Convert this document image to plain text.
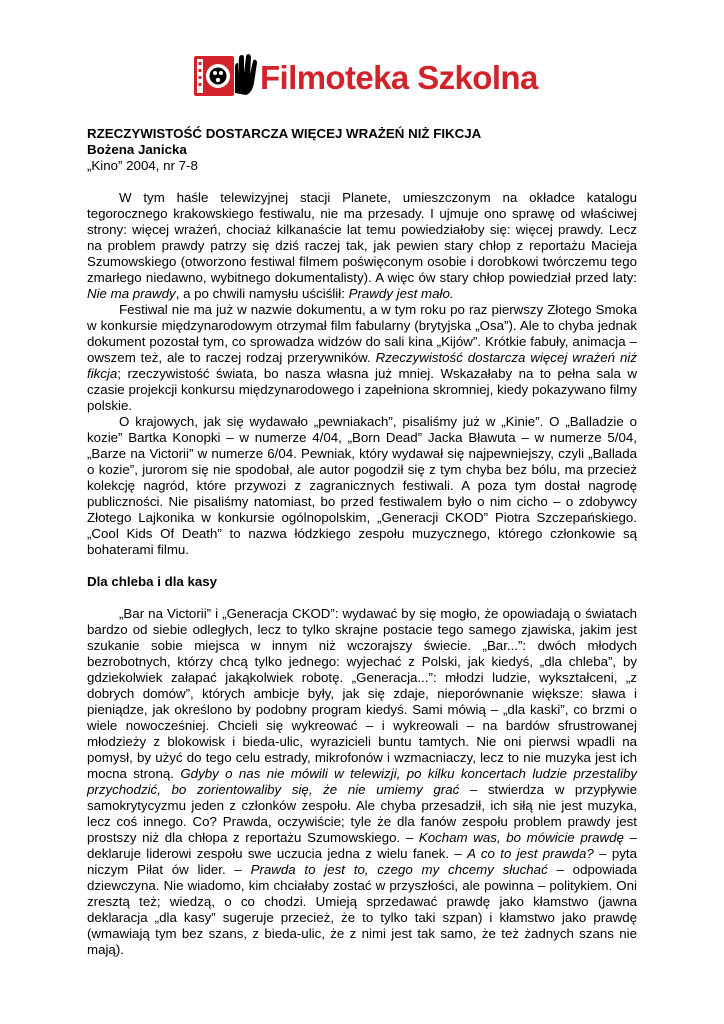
Filmoteka Szkolna
RZECZYWISTOŚĆ DOSTARCZA WIĘCEJ WRAŻEŃ NIŻ FIKCJA
Bożena Janicka
„Kino” 2004, nr 7-8

W tym haśle telewizyjnej stacji Planete, umieszczonym na okładce katalogu tegorocznego krakowskiego festiwalu, nie ma przesady. I ujmuje ono sprawę od właściwej strony: więcej wrażeń, chociaż kilkanaście lat temu powiedziałoby się: więcej prawdy. Lecz na problem prawdy patrzy się dziś raczej tak, jak pewien stary chłop z reportażu Macieja Szumowskiego (otworzono festiwal filmem poświęconym osobie i dorobkowi twórczemu tego zmarłego niedawno, wybitnego dokumentalisty). A więc ów stary chłop powiedział przed laty: Nie ma prawdy, a po chwili namysłu uściślił: Prawdy jest mało.

Festiwal nie ma już w nazwie dokumentu, a w tym roku po raz pierwszy Złotego Smoka w konkursie międzynarodowym otrzymał film fabularny (brytyjska „Osa”). Ale to chyba jednak dokument pozostał tym, co sprowadza widzów do sali kina „Kijów”. Krótkie fabuły, animacja – owszem też, ale to raczej rodzaj przerywników. Rzeczywistość dostarcza więcej wrażeń niż fikcja; rzeczywistość świata, bo nasza własna już mniej. Wskazałaby na to pełna sala w czasie projekcji konkursu międzynarodowego i zapełniona skromniej, kiedy pokazywano filmy polskie.

O krajowych, jak się wydawało „pewniakach”, pisaliśmy już w „Kinie”. O „Balladzie o kozie” Bartka Konopki – w numerze 4/04, „Born Dead” Jacka Bławuta – w numerze 5/04, „Barze na Victorii” w numerze 6/04. Pewniak, który wydawał się najpewniejszy, czyli „Ballada o kozie”, jurorom się nie spodobał, ale autor pogodził się z tym chyba bez bólu, ma przecież kolekcję nagród, które przywozi z zagranicznych festiwali. A poza tym dostał nagrodę publiczności. Nie pisaliśmy natomiast, bo przed festiwalem było o nim cicho – o zdobywcy Złotego Lajkonika w konkursie ogólnopolskim, „Generacji CKOD” Piotra Szczepańskiego. „Cool Kids Of Death” to nazwa łódzkiego zespołu muzycznego, którego członkowie są bohaterami filmu.

Dla chleba i dla kasy

„Bar na Victorii” i „Generacja CKOD”: wydawać by się mogło, że opowiadają o światach bardzo od siebie odległych, lecz to tylko skrajne postacie tego samego zjawiska, jakim jest szukanie sobie miejsca w innym niż wczorajszy świecie. „Bar...”: dwóch młodych bezrobotnych, którzy chcą tylko jednego: wyjechać z Polski, jak kiedyś, „dla chleba”, by gdziekolwiek załapać jakąkolwiek robotę. „Generacja...”: młodzi ludzie, wykształceni, „z dobrych domów”, których ambicje były, jak się zdaje, nieporównanie większe: sława i pieniądze, jak określono by podobny program kiedyś. Sami mówią – „dla kaski”, co brzmi o wiele nowocześniej. Chcieli się wykreować – i wykreowali – na bardów sfrustrowanej młodzieży z blokowisk i bieda-ulic, wyrazicieli buntu tamtych. Nie oni pierwsi wpadli na pomysł, by użyć do tego celu estrady, mikrofonów i wzmacniaczy, lecz to nie muzyka jest ich mocna stroną. Gdyby o nas nie mówili w telewizji, po kilku koncertach ludzie przestaliby przychodzić, bo zorientowaliby się, że nie umiemy grać – stwierdza w przypływie samokrytycyzmu jeden z członków zespołu. Ale chyba przesadził, ich siłą nie jest muzyka, lecz coś innego. Co? Prawda, oczywiście; tyle że dla fanów zespołu problem prawdy jest prostszy niż dla chłopa z reportażu Szumowskiego. – Kocham was, bo mówicie prawdę – deklaruje liderowi zespołu swe uczucia jedna z wielu fanek. – A co to jest prawda? – pyta niczym Piłat ów lider. – Prawda to jest to, czego my chcemy słuchać – odpowiada dziewczyna. Nie wiadomo, kim chciałaby zostać w przyszłości, ale powinna – politykiem. Oni zresztą też; wiedzą, o co chodzi. Umieją sprzedawać prawdę jako kłamstwo (jawna deklaracja „dla kasy” sugeruje przecież, że to tylko taki szpan) i kłamstwo jako prawdę (wmawiają tym bez szans, z bieda-ulic, że z nimi jest tak samo, że też żadnych szans nie mają).
